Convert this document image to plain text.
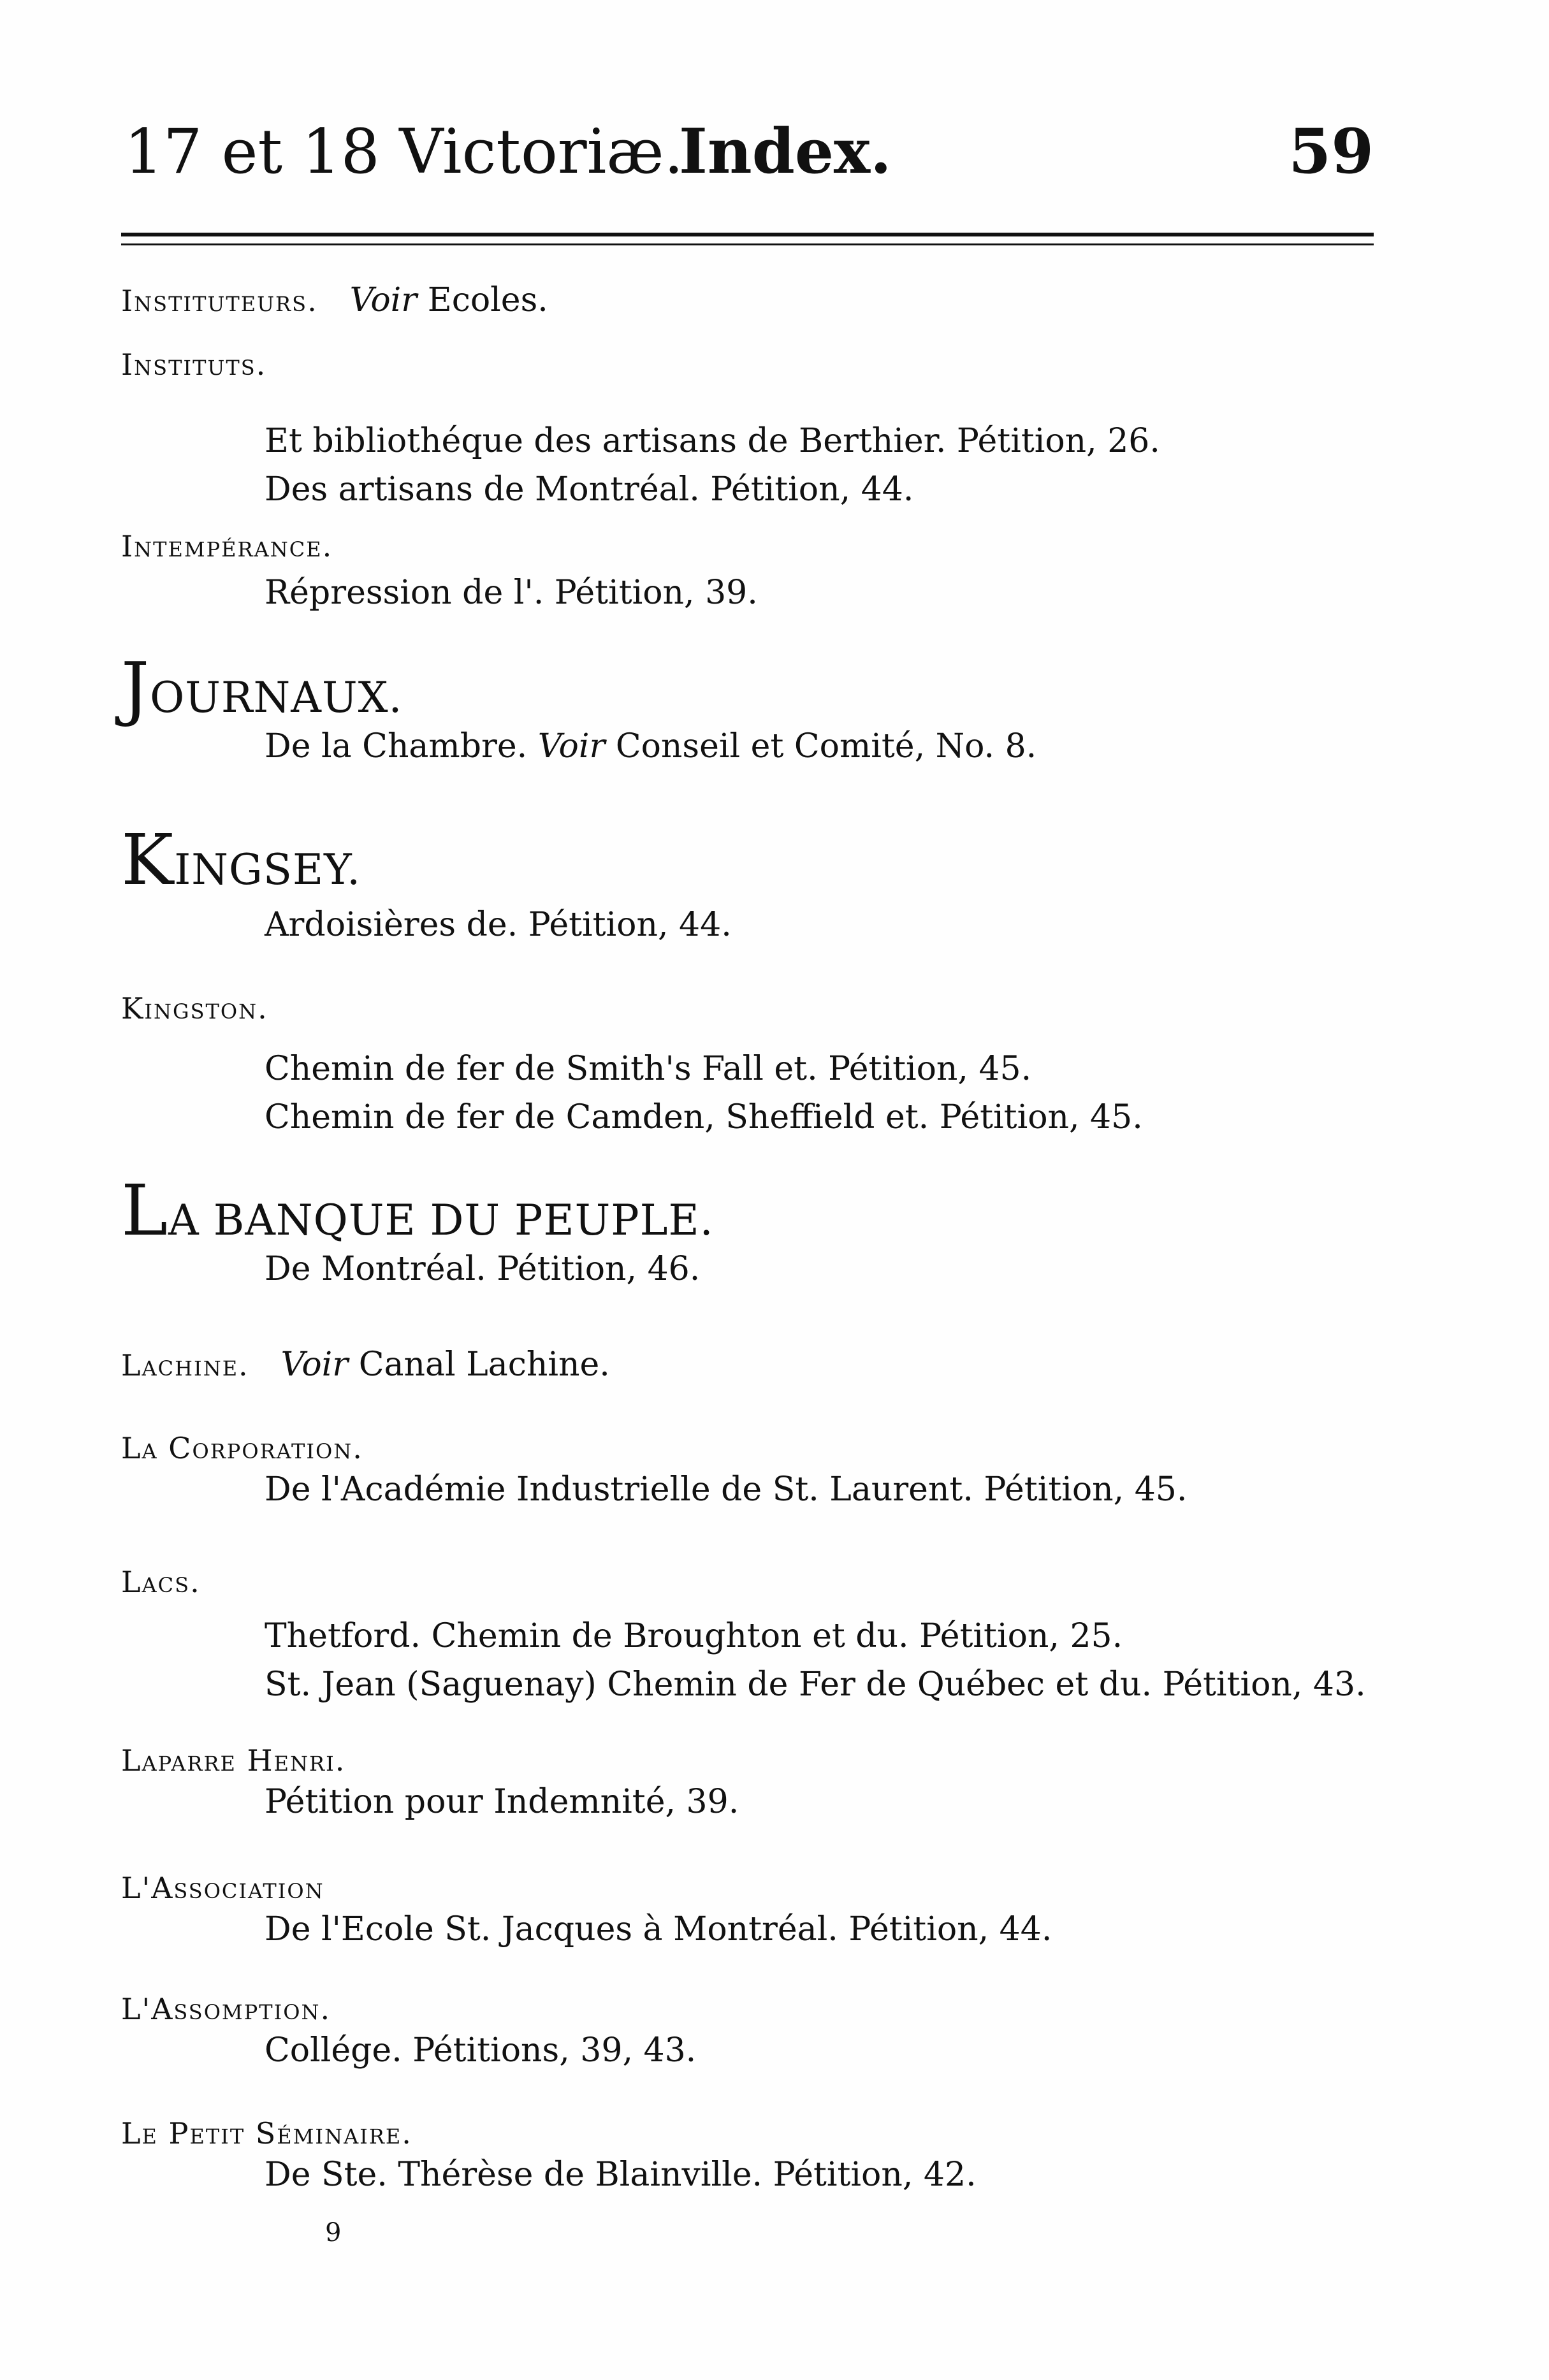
17 et 18 Victoriæ.
Index.	59
Instituteurs. Voir Ecoles.
Instituts.
Et bibliothéque des artisans de Berthier. Pétition, 26.
Des artisans de Montréal. Pétition, 44.
Intempérance.
Répression de l'. Pétition, 39.
JOURNAUX.
De la Chambre. Voir Conseil et Comité, No. 8.
KINGSEY.
Ardoisières de. Pétition, 44.
Kingston.
Chemin de fer de Smith's Fall et. Pétition, 45.
Chemin de fer de Camden, Sheffield et. Pétition, 45.
LA BANQUE DU PEUPLE.
De Montréal. Pétition, 46.
Lachine. Voir Canal Lachine.
La Corporation.
De l'Académie Industrielle de St. Laurent. Pétition, 45.
Lacs.
Thetford. Chemin de Broughton et du. Pétition, 25.
St. Jean (Saguenay) Chemin de Fer de Québec et du. Pétition, 43.
Laparre Henri.
Pétition pour Indemnité, 39.
L'Association
De l'Ecole St. Jacques à Montréal. Pétition, 44.
L'Assomption.
Collége. Pétitions, 39, 43.
Le Petit Séminaire.
De Ste. Thérèse de Blainville. Pétition, 42.
9
